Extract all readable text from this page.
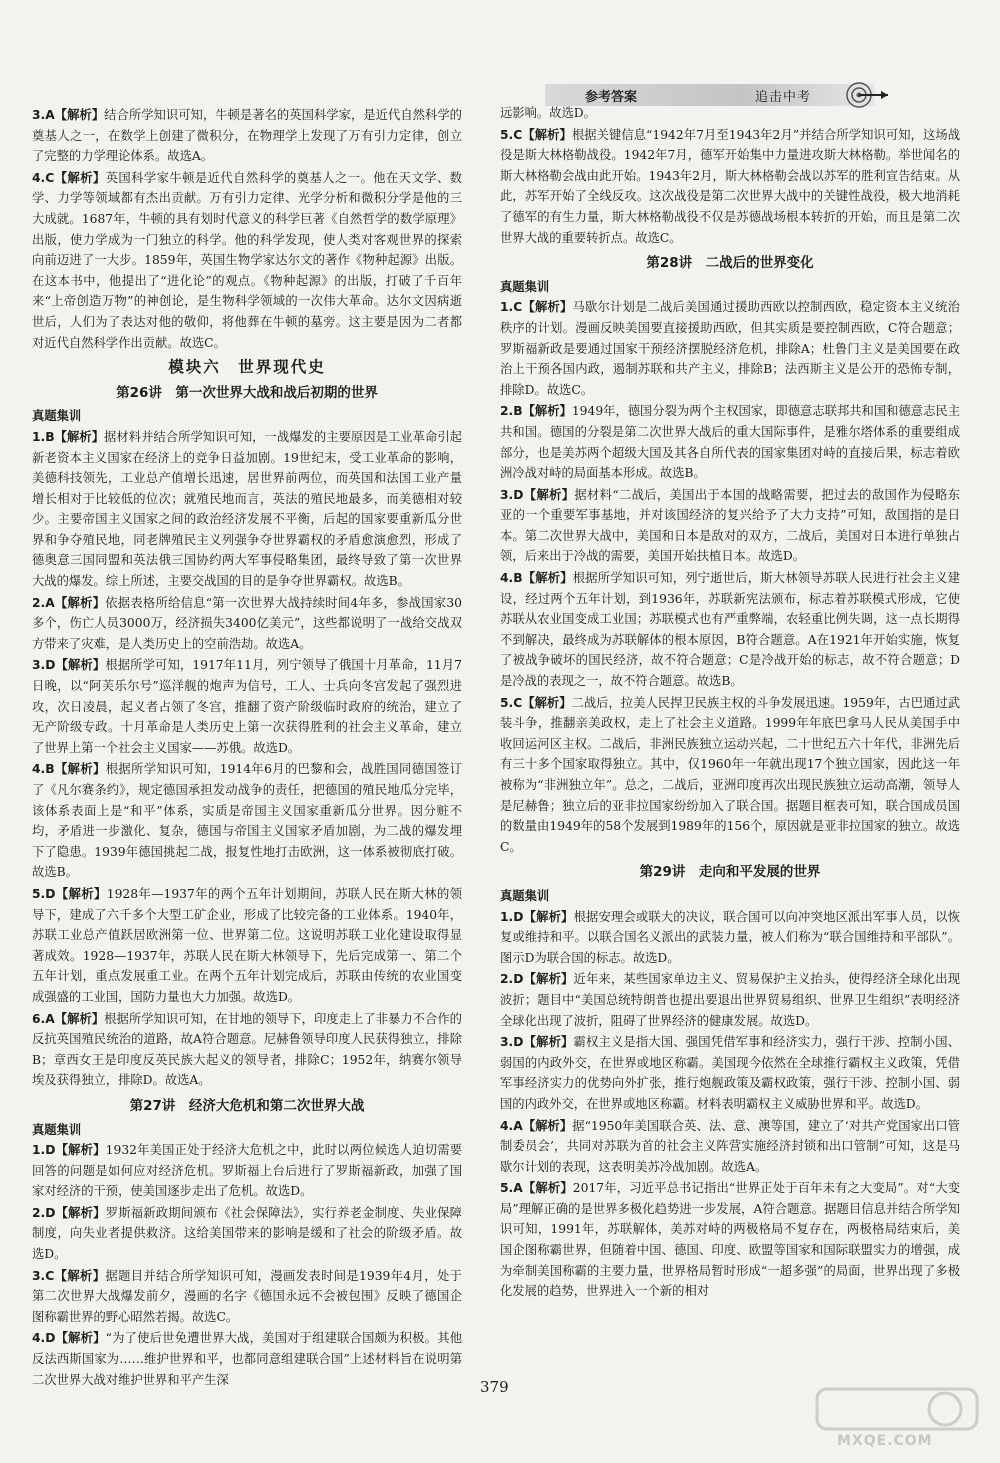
参考答案	追击中考
3.A【解析】结合所学知识可知，牛顿是著名的英国科学家，是近代自然科学的奠基人之一，在数学上创建了微积分，在物理学上发现了万有引力定律，创立了完整的力学理论体系。故选A。
4.C【解析】英国科学家牛顿是近代自然科学的奠基人之一。他在天文学、数学、力学等领域都有杰出贡献。万有引力定律、光学分析和微积分学是他的三大成就。1687年，牛顿的具有划时代意义的科学巨著《自然哲学的数学原理》出版，使力学成为一门独立的科学。他的科学发现，使人类对客观世界的探索向前迈进了一大步。1859年，英国生物学家达尔文的著作《物种起源》出版。在这本书中，他提出了“进化论”的观点。《物种起源》的出版，打破了千百年来“上帝创造万物”的神创论，是生物科学领域的一次伟大革命。达尔文因病逝世后，人们为了表达对他的敬仰，将他葬在牛顿的墓旁。这主要是因为二者都对近代自然科学作出贡献。故选C。
模块六　世界现代史
第26讲　第一次世界大战和战后初期的世界
真题集训
1.B【解析】据材料并结合所学知识可知，一战爆发的主要原因是工业革命引起新老资本主义国家在经济上的竞争日益加剧。19世纪末，受工业革命的影响，美德科技领先，工业总产值增长迅速，居世界前两位，而英国和法国工业产量增长相对于比较低的位次；就殖民地而言，英法的殖民地最多，而美德相对较少。主要帝国主义国家之间的政治经济发展不平衡，后起的国家要重新瓜分世界和争夺殖民地，同老牌殖民主义列强争夺世界霸权的矛盾愈演愈烈，形成了德奥意三国同盟和英法俄三国协约两大军事侵略集团，最终导致了第一次世界大战的爆发。综上所述，主要交战国的目的是争夺世界霸权。故选B。
2.A【解析】依据表格所给信息“第一次世界大战持续时间4年多，参战国家30多个，伤亡人员3000万，经济损失3400亿美元”，这些都说明了一战给交战双方带来了灾难，是人类历史上的空前浩劫。故选A。
3.D【解析】根据所学可知，1917年11月，列宁领导了俄国十月革命，11月7日晚，以“阿芙乐尔号”巡洋舰的炮声为信号，工人、士兵向冬宫发起了强烈进攻，次日凌晨，起义者占领了冬宫，推翻了资产阶级临时政府的统治，建立了无产阶级专政。十月革命是人类历史上第一次获得胜利的社会主义革命，建立了世界上第一个社会主义国家——苏俄。故选D。
4.B【解析】根据所学知识可知，1914年6月的巴黎和会，战胜国同德国签订了《凡尔赛条约》，规定德国承担发动战争的责任，把德国的殖民地瓜分完毕，该体系表面上是“和平”体系，实质是帝国主义国家重新瓜分世界。因分赃不均，矛盾进一步激化、复杂，德国与帝国主义国家矛盾加剧，为二战的爆发埋下了隐患。1939年德国挑起二战，报复性地打击欧洲，这一体系被彻底打破。故选B。
5.D【解析】1928年—1937年的两个五年计划期间，苏联人民在斯大林的领导下，建成了六千多个大型工矿企业，形成了比较完备的工业体系。1940年，苏联工业总产值跃居欧洲第一位、世界第二位。这说明苏联工业化建设取得显著成效。1928—1937年，苏联人民在斯大林领导下，先后完成第一、第二个五年计划，重点发展重工业。在两个五年计划完成后，苏联由传统的农业国变成强盛的工业国，国防力量也大力加强。故选D。
6.A【解析】根据所学知识可知，在甘地的领导下，印度走上了非暴力不合作的反抗英国殖民统治的道路，故A符合题意。尼赫鲁领导印度人民获得独立，排除B；章西女王是印度反英民族大起义的领导者，排除C；1952年，纳赛尔领导埃及获得独立，排除D。故选A。
第27讲　经济大危机和第二次世界大战
真题集训
1.D【解析】1932年美国正处于经济大危机之中，此时以两位候选人迫切需要回答的问题是如何应对经济危机。罗斯福上台后进行了罗斯福新政，加强了国家对经济的干预，使美国逐步走出了危机。故选D。
2.D【解析】罗斯福新政期间颁布《社会保障法》，实行养老金制度、失业保障制度，向失业者提供救济。这给美国带来的影响是缓和了社会的阶级矛盾。故选D。
3.C【解析】据题目并结合所学知识可知，漫画发表时间是1939年4月，处于第二次世界大战爆发前夕，漫画的名字《德国永远不会被包围》反映了德国企图称霸世界的野心昭然若揭。故选C。
4.D【解析】“为了使后世免遭世界大战，美国对于组建联合国颇为积极。其他反法西斯国家为……维护世界和平，也都同意组建联合国”上述材料旨在说明第二次世界大战对维护世界和平产生深
远影响。故选D。
5.C【解析】根据关键信息“1942年7月至1943年2月”并结合所学知识可知，这场战役是斯大林格勒战役。1942年7月，德军开始集中力量进攻斯大林格勒。举世闻名的斯大林格勒会战由此开始。1943年2月，斯大林格勒会战以苏军的胜利宣告结束。从此，苏军开始了全线反攻。这次战役是第二次世界大战中的关键性战役，极大地消耗了德军的有生力量，斯大林格勒战役不仅是苏德战场根本转折的开始，而且是第二次世界大战的重要转折点。故选C。
第28讲　二战后的世界变化
真题集训
1.C【解析】马歇尔计划是二战后美国通过援助西欧以控制西欧，稳定资本主义统治秩序的计划。漫画反映美国要直接援助西欧，但其实质是要控制西欧，C符合题意；罗斯福新政是要通过国家干预经济摆脱经济危机，排除A；杜鲁门主义是美国要在政治上干预各国内政，遏制苏联和共产主义，排除B；法西斯主义是公开的恐怖专制，排除D。故选C。
2.B【解析】1949年，德国分裂为两个主权国家，即德意志联邦共和国和德意志民主共和国。德国的分裂是第二次世界大战后的重大国际事件，是雅尔塔体系的重要组成部分，也是美苏两个超级大国及其各自所代表的国家集团对峙的直接后果，标志着欧洲冷战对峙的局面基本形成。故选B。
3.D【解析】据材料“二战后，美国出于本国的战略需要，把过去的敌国作为侵略东亚的一个重要军事基地，并对该国经济的复兴给予了大力支持”可知，敌国指的是日本。第二次世界大战中，美国和日本是敌对的双方，二战后，美国对日本进行单独占领，后来出于冷战的需要，美国开始扶植日本。故选D。
4.B【解析】根据所学知识可知，列宁逝世后，斯大林领导苏联人民进行社会主义建设，经过两个五年计划，到1936年，苏联新宪法颁布，标志着苏联模式形成，它使苏联从农业国变成工业国；苏联模式也有严重弊端，农轻重比例失调，这一点长期得不到解决，最终成为苏联解体的根本原因，B符合题意。A在1921年开始实施，恢复了被战争破坏的国民经济，故不符合题意；C是冷战开始的标志，故不符合题意；D是冷战的表现之一，故不符合题意。故选B。
5.C【解析】二战后，拉美人民捍卫民族主权的斗争发展迅速。1959年，古巴通过武装斗争，推翻亲美政权，走上了社会主义道路。1999年年底巴拿马人民从美国手中收回运河区主权。二战后，非洲民族独立运动兴起，二十世纪五六十年代，非洲先后有三十多个国家取得独立。其中，仅1960年一年就出现17个独立国家，因此这一年被称为“非洲独立年”。总之，二战后，亚洲印度再次出现民族独立运动高潮，领导人是尼赫鲁；独立后的亚非拉国家纷纷加入了联合国。据题目框表可知，联合国成员国的数量由1949年的58个发展到1989年的156个，原因就是亚非拉国家的独立。故选C。
第29讲　走向和平发展的世界
真题集训
1.D【解析】根据安理会或联大的决议，联合国可以向冲突地区派出军事人员，以恢复或维持和平。以联合国名义派出的武装力量，被人们称为“联合国维持和平部队”。图示D为联合国的标志。故选D。
2.D【解析】近年来，某些国家单边主义、贸易保护主义抬头，使得经济全球化出现波折；题目中“美国总统特朗普也提出要退出世界贸易组织、世界卫生组织”表明经济全球化出现了波折，阻碍了世界经济的健康发展。故选D。
3.D【解析】霸权主义是指大国、强国凭借军事和经济实力，强行干涉、控制小国、弱国的内政外交，在世界或地区称霸。美国现今依然在全球推行霸权主义政策，凭借军事经济实力的优势向外扩张，推行炮舰政策及霸权政策，强行干涉、控制小国、弱国的内政外交，在世界或地区称霸。材料表明霸权主义威胁世界和平。故选D。
4.A【解析】据“1950年美国联合英、法、意、澳等国，建立了‘对共产党国家出口管制委员会’，共同对苏联为首的社会主义阵营实施经济封锁和出口管制”可知，这是马歇尔计划的表现，这表明美苏冷战加剧。故选A。
5.A【解析】2017年，习近平总书记指出“世界正处于百年未有之大变局”。对“大变局”理解正确的是世界多极化趋势进一步发展，A符合题意。据题目信息并结合所学知识可知，1991年，苏联解体，美苏对峙的两极格局不复存在，两极格局结束后，美国企图称霸世界，但随着中国、德国、印度、欧盟等国家和国际联盟实力的增强，成为牵制美国称霸的主要力量，世界格局暂时形成“一超多强”的局面，世界出现了多极化发展的趋势，世界进入一个新的相对
379
MXQE.COM
